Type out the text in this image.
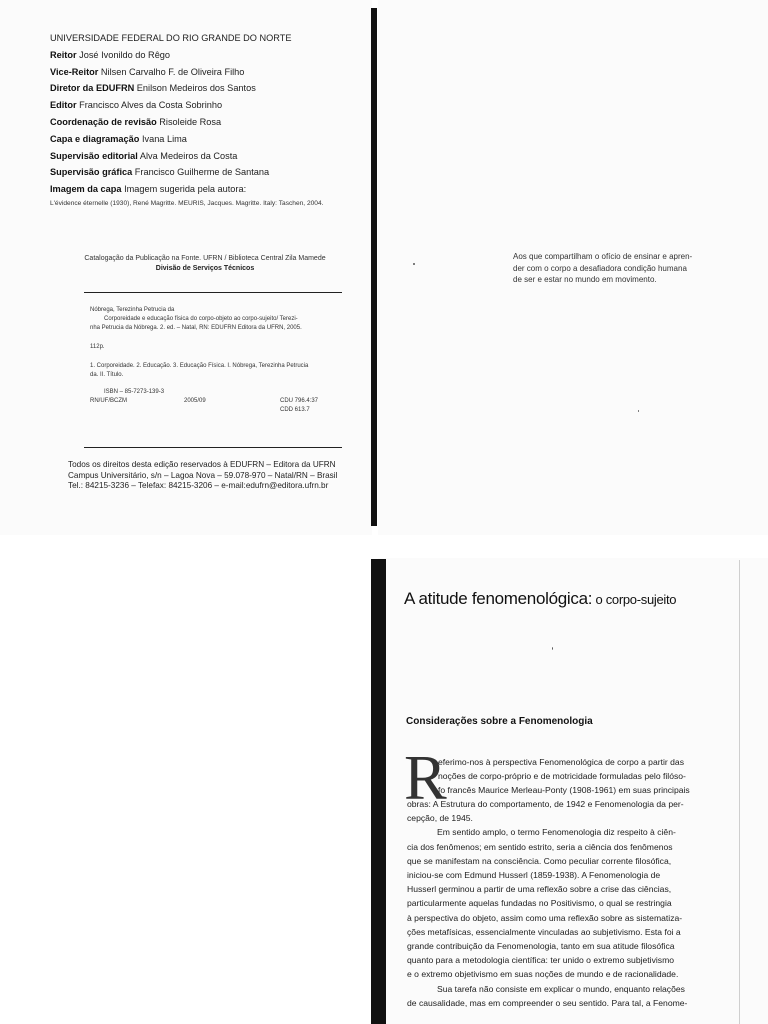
UNIVERSIDADE FEDERAL DO RIO GRANDE DO NORTE
Reitor José Ivonildo do Rêgo
Vice-Reitor Nilsen Carvalho F. de Oliveira Filho
Diretor da EDUFRN Enilson Medeiros dos Santos
Editor Francisco Alves da Costa Sobrinho
Coordenação de revisão Risoleide Rosa
Capa e diagramação Ivana Lima
Supervisão editorial Alva Medeiros da Costa
Supervisão gráfica Francisco Guilherme de Santana
Imagem da capa Imagem sugerida pela autora:
L'évidence éternelle (1930), René Magritte. MEURIS, Jacques. Magritte. Italy: Taschen, 2004.
Catalogação da Publicação na Fonte. UFRN / Biblioteca Central Zila Mamede
Divisão de Serviços Técnicos

Nóbrega, Terezinha Petrucia da
Corporeidade e educação física do corpo-objeto ao corpo-sujeito/ Terezi-
nha Petrucia da Nóbrega. 2. ed. – Natal, RN: EDUFRN Editora da UFRN, 2005.

112p.

1. Corporeidade. 2. Educação. 3. Educação Física. I. Nóbrega, Terezinha Petrucia
da. II. Título.

ISBN – 85-7273-139-3
RN/UF/BCZM	2005/09	CDU 796.4:37
CDD 613.7
Todos os direitos desta edição reservados à EDUFRN – Editora da UFRN
Campus Universitário, s/n – Lagoa Nova – 59.078-970 – Natal/RN – Brasil
Tel.: 84215-3236 – Telefax: 84215-3206 – e-mail:edufrn@editora.ufrn.br
Aos que compartilham o ofício de ensinar e apren-
der com o corpo a desafiadora condição humana
de ser e estar no mundo em movimento.
A atitude fenomenológica: o corpo-sujeito
Considerações sobre a Fenomenologia
R

eferimo-nos à perspectiva Fenomenológica de corpo a partir das

noções de corpo-próprio e de motricidade formuladas pelo filóso-

fo francês Maurice Merleau-Ponty (1908-1961) em suas principais

obras: A Estrutura do comportamento, de 1942 e Fenomenologia da per-

cepção, de 1945.

Em sentido amplo, o termo Fenomenologia diz respeito à ciên-

cia dos fenômenos; em sentido estrito, seria a ciência dos fenômenos

que se manifestam na consciência. Como peculiar corrente filosófica,

iniciou-se com Edmund Husserl (1859-1938). A Fenomenologia de

Husserl germinou a partir de uma reflexão sobre a crise das ciências,

particularmente aquelas fundadas no Positivismo, o qual se restringia

à perspectiva do objeto, assim como uma reflexão sobre as sistematiza-

ções metafísicas, essencialmente vinculadas ao subjetivismo. Esta foi a

grande contribuição da Fenomenologia, tanto em sua atitude filosófica

quanto para a metodologia científica: ter unido o extremo subjetivismo

e o extremo objetivismo em suas noções de mundo e de racionalidade.

Sua tarefa não consiste em explicar o mundo, enquanto relações

de causalidade, mas em compreender o seu sentido. Para tal, a Fenome-
